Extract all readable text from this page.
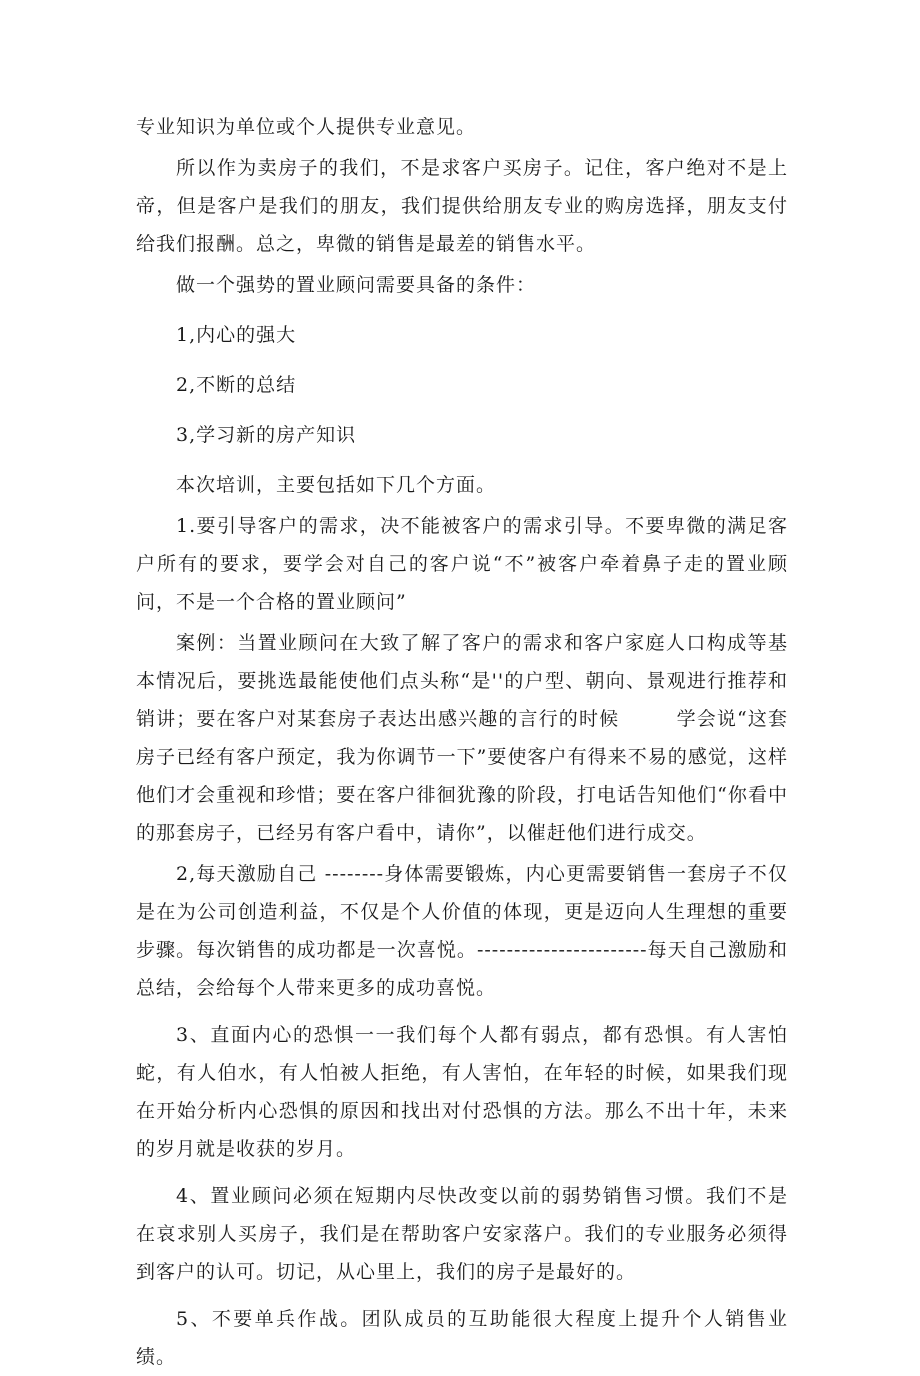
专业知识为单位或个人提供专业意见。

所以作为卖房子的我们，不是求客户买房子。记住，客户绝对不是上帝，但是客户是我们的朋友，我们提供给朋友专业的购房选择，朋友支付给我们报酬。总之，卑微的销售是最差的销售水平。

做一个强势的置业顾问需要具备的条件：

1,内心的强大

2,不断的总结

3,学习新的房产知识

本次培训，主要包括如下几个方面。

1.要引导客户的需求，决不能被客户的需求引导。不要卑微的满足客户所有的要求，要学会对自己的客户说“不”被客户牵着鼻子走的置业顾问，不是一个合格的置业顾问”

案例：当置业顾问在大致了解了客户的需求和客户家庭人口构成等基本情况后，要挑选最能使他们点头称“是''的户型、朝向、景观进行推荐和销讲；要在客户对某套房子表达出感兴趣的言行的时候        学会说“这套房子已经有客户预定，我为你调节一下”要使客户有得来不易的感觉，这样他们才会重视和珍惜；要在客户徘徊犹豫的阶段，打电话告知他们“你看中的那套房子，已经另有客户看中，请你”，以催赶他们进行成交。

2,每天激励自己 --------身体需要锻炼，内心更需要销售一套房子不仅是在为公司创造利益，不仅是个人价值的体现，更是迈向人生理想的重要步骤。每次销售的成功都是一次喜悦。-----------------------每天自己激励和总结，会给每个人带来更多的成功喜悦。

3、直面内心的恐惧一一我们每个人都有弱点，都有恐惧。有人害怕蛇，有人伯水，有人怕被人拒绝，有人害怕，在年轻的时候，如果我们现在开始分析内心恐惧的原因和找出对付恐惧的方法。那么不出十年，未来的岁月就是收获的岁月。

4、置业顾问必须在短期内尽快改变以前的弱势销售习惯。我们不是在哀求别人买房子，我们是在帮助客户安家落户。我们的专业服务必须得到客户的认可。切记，从心里上，我们的房子是最好的。

5、不要单兵作战。团队成员的互助能很大程度上提升个人销售业绩。
